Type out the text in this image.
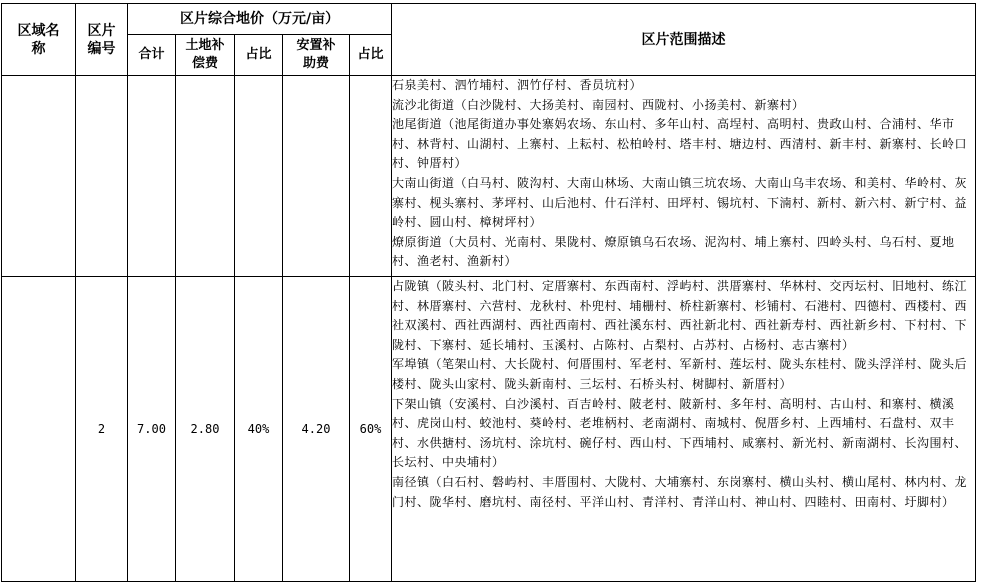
区域名称	区片编号	区片综合地价（万元/亩）					区片范围描述
		合计	土地补偿费	占比	安置补助费	占比	

							石泉美村、泗竹埔村、泗竹仔村、香员坑村）

流沙北街道（白沙陇村、大扬美村、南园村、西陇村、小扬美村、新寨村）

池尾街道（池尾街道办事处寨妈农场、东山村、多年山村、高埕村、高明村、贵政山村、合浦村、华市村、林背村、山湖村、上寨村、上耘村、松柏岭村、塔丰村、塘边村、西清村、新丰村、新寨村、长岭口村、钟厝村）

大南山街道（白马村、陂沟村、大南山林场、大南山镇三坑农场、大南山乌丰农场、和美村、华岭村、灰寨村、枧头寨村、茅坪村、山后池村、什石洋村、田坪村、锡坑村、下湳村、新村、新六村、新宁村、益岭村、圆山村、樟树坪村）

燎原街道（大员村、光南村、果陇村、燎原镇乌石农场、泥沟村、埔上寨村、四岭头村、乌石村、夏地村、渔老村、渔新村）

	2	7.00	2.80	40%	4.20	60%	占陇镇（陂头村、北门村、定厝寨村、东西南村、浮屿村、洪厝寨村、华林村、交丙坛村、旧地村、练江村、林厝寨村、六营村、龙秋村、朴兜村、埔栅村、桥柱新寨村、杉铺村、石港村、四德村、西楼村、西社双溪村、西社西湖村、西社西南村、西社溪东村、西社新北村、西社新寿村、西社新乡村、下村村、下陇村、下寨村、延长埔村、玉溪村、占陈村、占梨村、占苏村、占杨村、志古寨村）

军埠镇（笔架山村、大长陇村、何厝围村、军老村、军新村、莲坛村、陇头东桂村、陇头浮洋村、陇头后楼村、陇头山家村、陇头新南村、三坛村、石桥头村、树脚村、新厝村）

下架山镇（安溪村、白沙溪村、百吉岭村、陂老村、陂新村、多年村、高明村、古山村、和寨村、横溪村、虎岗山村、蛟池村、葵岭村、老堆柄村、老南湖村、南城村、倪厝乡村、上西埔村、石盘村、双丰村、水供搪村、汤坑村、涂坑村、碗仔村、西山村、下西埔村、咸寨村、新光村、新南湖村、长沟围村、长坛村、中央埔村）

南径镇（白石村、磐屿村、丰厝围村、大陇村、大埔寨村、东岗寨村、横山头村、横山尾村、林内村、龙门村、陇华村、磨坑村、南径村、平洋山村、青洋村、青洋山村、神山村、四睦村、田南村、圩脚村）
